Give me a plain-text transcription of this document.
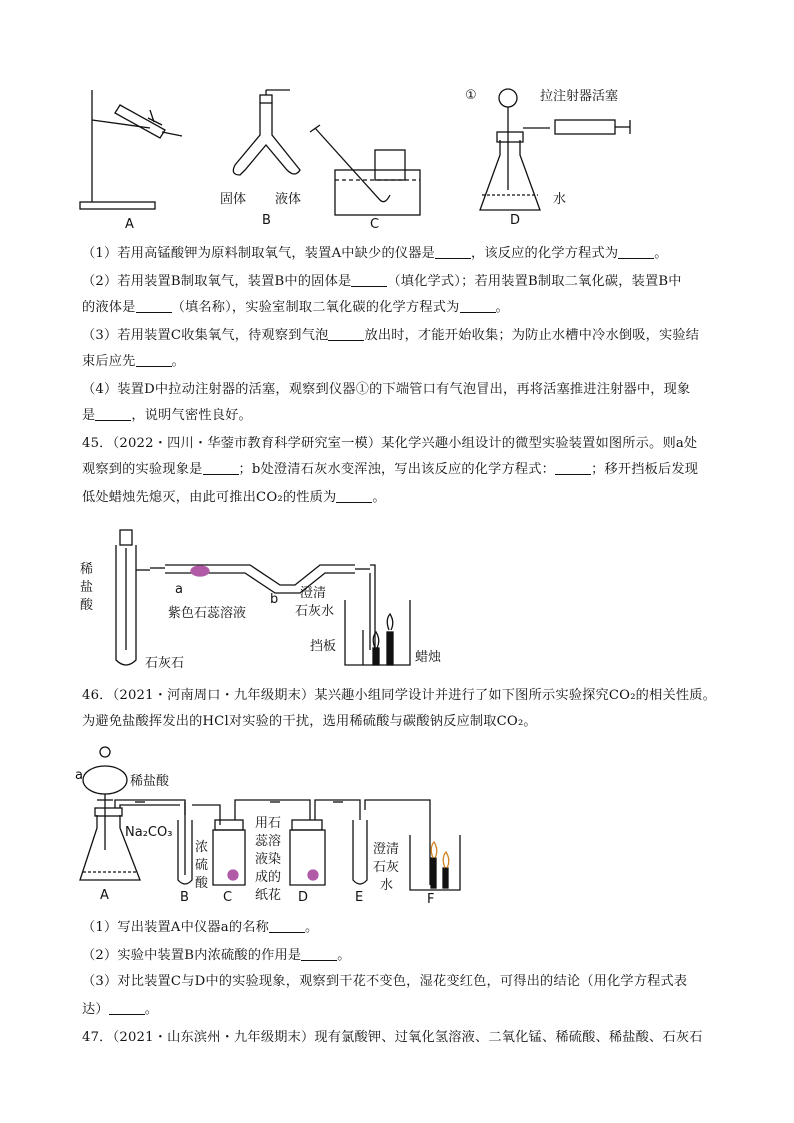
A
固体 液体
B	C
①	拉注射器活塞
水
D
（1）若用高锰酸钾为原料制取氧气，装置A中缺少的仪器是	，该反应的化学方程式为	。
（2）若用装置B制取氧气，装置B中的固体是	（填化学式）；若用装置B制取二氧化碳，装置B中
的液体是	（填名称），实验室制取二氧化碳的化学方程式为	。
（3）若用装置C收集氧气，待观察到气泡	放出时，才能开始收集；为防止水槽中冷水倒吸，实验结
束后应先	。
（4）装置D中拉动注射器的活塞，观察到仪器①的下端管口有气泡冒出，再将活塞推进注射器中，现象
是	，说明气密性良好。
45．（2022・四川・华蓥市教育科学研究室一模）某化学兴趣小组设计的微型实验装置如图所示。则a处
观察到的实验现象是	；b处澄清石灰水变浑浊，写出该反应的化学方程式：	；移开挡板后发现
低处蜡烛先熄灭，由此可推出CO₂的性质为	。
稀
盐
酸
a
紫色石蕊溶液
石灰石
b 澄清
石灰水
挡板
蜡烛
46．（2021・河南周口・九年级期末）某兴趣小组同学设计并进行了如下图所示实验探究CO₂的相关性质。
为避免盐酸挥发出的HCl对实验的干扰，选用稀硫酸与碳酸钠反应制取CO₂。
a	稀盐酸
Na₂CO₃
浓
硫
酸
用石
蕊溶
液染
成的
纸花
澄清
石灰
水
A	B	C	D	E	F
（1）写出装置A中仪器a的名称	。
（2）实验中装置B内浓硫酸的作用是	。
（3）对比装置C与D中的实验现象，观察到干花不变色，湿花变红色，可得出的结论（用化学方程式表
达）	。
47．（2021・山东滨州・九年级期末）现有氯酸钾、过氧化氢溶液、二氧化锰、稀硫酸、稀盐酸、石灰石
